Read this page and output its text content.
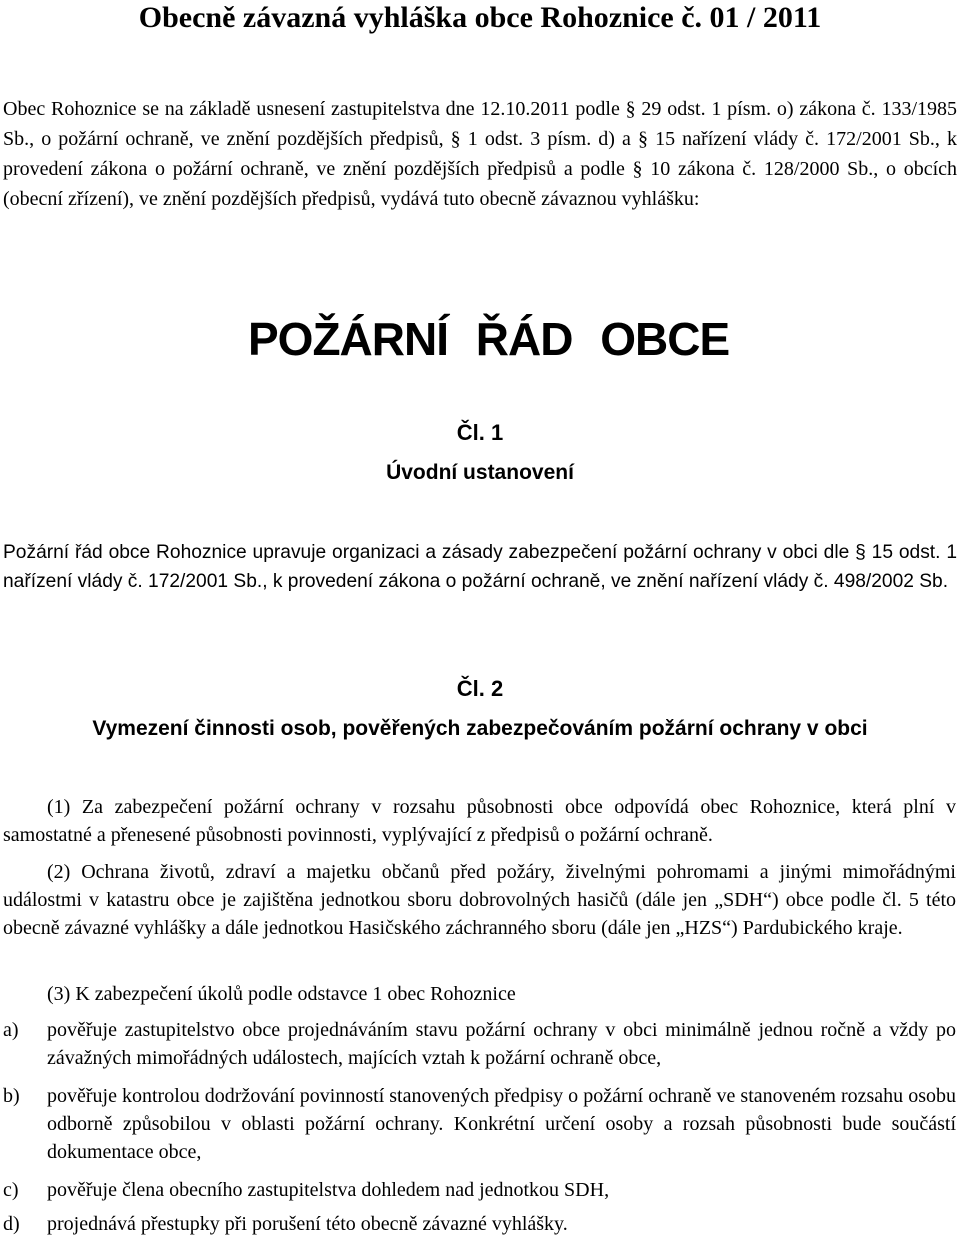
Obecně závazná vyhláška obce Rohoznice č. 01 / 2011
Obec Rohoznice se na základě usnesení zastupitelstva dne 12.10.2011 podle § 29 odst. 1 písm. o) zákona č. 133/1985 Sb., o požární ochraně, ve znění pozdějších předpisů, § 1 odst. 3 písm. d) a § 15 nařízení vlády č. 172/2001 Sb., k provedení zákona o požární ochraně, ve znění pozdějších předpisů a podle § 10 zákona č. 128/2000 Sb., o obcích (obecní zřízení), ve znění pozdějších předpisů, vydává tuto obecně závaznou vyhlášku:
POŽÁRNÍ ŘÁD OBCE
Čl. 1
Úvodní ustanovení
Požární řád obce Rohoznice upravuje organizaci a zásady zabezpečení požární ochrany v obci dle § 15 odst. 1 nařízení vlády č. 172/2001 Sb., k provedení zákona o požární ochraně, ve znění nařízení vlády č. 498/2002 Sb.
Čl. 2
Vymezení činnosti osob, pověřených zabezpečováním požární ochrany v obci
(1) Za zabezpečení požární ochrany v rozsahu působnosti obce odpovídá obec Rohoznice, která plní v samostatné a přenesené působnosti povinnosti, vyplývající z předpisů o požární ochraně.
(2) Ochrana životů, zdraví a majetku občanů před požáry, živelnými pohromami a jinými mimořádnými událostmi v katastru obce je zajištěna jednotkou sboru dobrovolných hasičů (dále jen „SDH“) obce podle čl. 5 této obecně závazné vyhlášky a dále jednotkou Hasičského záchranného sboru (dále jen „HZS“) Pardubického kraje.
(3) K zabezpečení úkolů podle odstavce 1 obec Rohoznice
a)	pověřuje zastupitelstvo obce projednáváním stavu požární ochrany v obci minimálně jednou ročně a vždy po závažných mimořádných událostech, majících vztah k požární ochraně obce,
b)	pověřuje kontrolou dodržování povinností stanovených předpisy o požární ochraně ve stanoveném rozsahu osobu odborně způsobilou v oblasti požární ochrany. Konkrétní určení osoby a rozsah působnosti bude součástí dokumentace obce,
c)	pověřuje člena obecního zastupitelstva dohledem nad jednotkou SDH,
d)	projednává přestupky při porušení této obecně závazné vyhlášky.
